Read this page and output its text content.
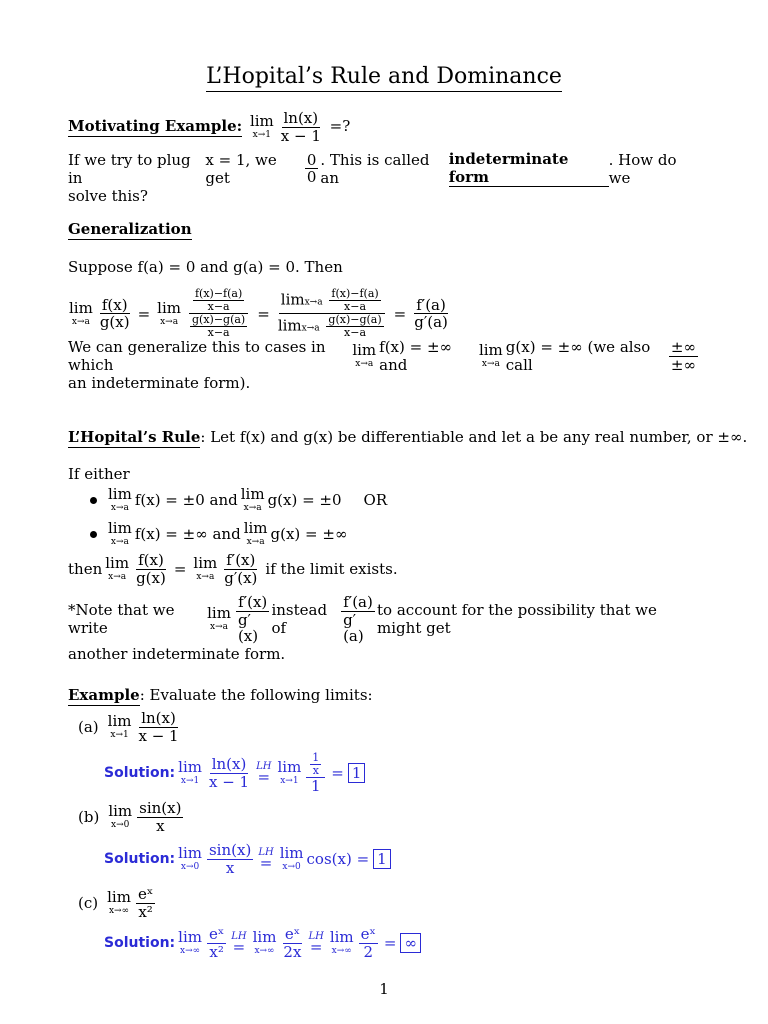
L’Hopital’s Rule and Dominance
Motivating Example: lim
$x\to 1 \frac{\ln(x)}{x - 1}$ =?
If we try to plug in
x = 1, we get	$\frac{0}{0}$ . This is called an
indeterminate form
. How do we
solve this?
Generalization
Suppose f(a) = 0 and g(a) = 0. Then
lim
$x\to a \frac{f(x)}{g(x)} = \lim$
$x\to a \frac{\frac{f(x)-f(a)}{x-a}}{\frac{g(x)-g(a)}{x-a}} = \frac{\lim x\to a \frac{f(x)-f(a)}{x-a}}{\lim x\to a \frac{g(x)-g(a)}{x-a}} = \frac{f'(a)}{g'(a)}$
We can generalize this to cases in which
lim
x→a
f(x) = ±∞ and
lim
x→a
g(x) = ±∞ (we also call	$\frac{\pm\infty}{\pm\infty}$
an indeterminate form).
L’Hopital’s Rule: Let f(x) and g(x) be differentiable and let a be any real number, or ±∞.
If either
lim
x→a f(x) = ±0 and lim
x→a g(x) = ±0 OR
lim
x→a f(x) = ±∞ and lim
x→a g(x) = ±∞
then lim
$x\to a \frac{f(x)}{g(x)} = \lim$
$x\to a \frac{f'(x)}{g'(x)}$ if the limit exists.
*Note that we write
lim
$x\to a \frac{f'(x)}{g'(x)}$ instead of	$\frac{f'(a)}{g'(a)}$ to account for the possibility that we might get
another indeterminate form.
Example: Evaluate the following limits:
(a) lim
$x\to 1 \frac{\ln(x)}{x - 1}$
Solution: lim
$x\to 1 \frac{\ln(x)}{x - 1}$ LH
=
lim
$x\to 1 \frac{\frac{1}{x}}{1} = 1$
(b) lim
$x\to 0 \frac{\sin(x)}{x}$
Solution: lim
$x\to 0 \frac{\sin(x)}{x}$ LH
=
lim
x→0 cos(x) = 1
(c) lim
$x\to\infty \frac{\text{eˣ}}{\text{x²}}$
Solution: lim
$x\to\infty \frac{\text{eˣ}}{\text{x²}}$ LH
=
lim
$x\to\infty \frac{\text{eˣ}}{2x}$ LH
=
lim
$x\to\infty \frac{\text{eˣ}}{2}$ = ∞
1
